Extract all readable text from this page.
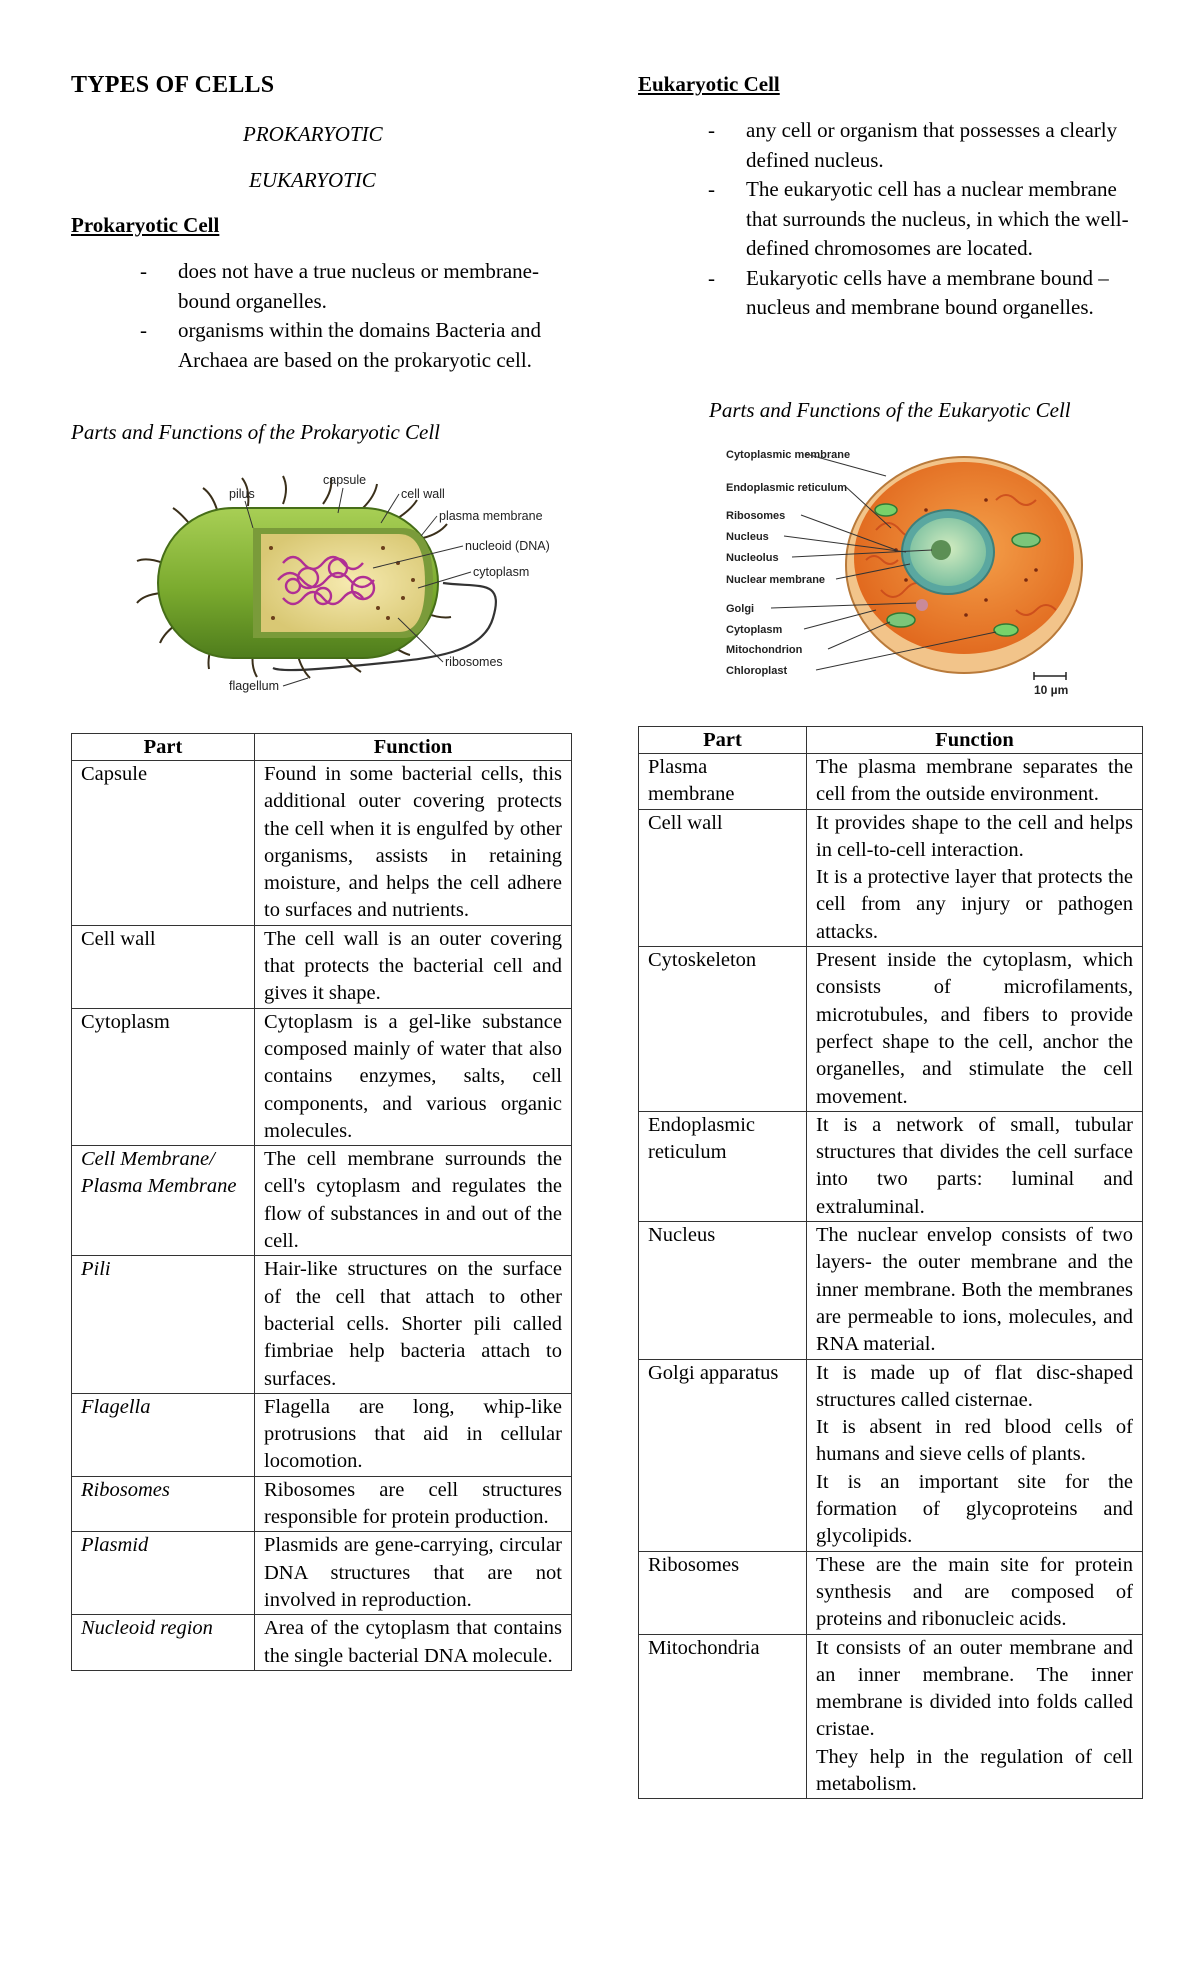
TYPES OF CELLS
PROKARYOTIC
EUKARYOTIC
Prokaryotic Cell
- does not have a true nucleus or membrane-bound organelles.
- organisms within the domains Bacteria and Archaea are based on the prokaryotic cell.
Parts and Functions of the Prokaryotic Cell
pilus
capsule
cell wall
plasma membrane
nucleoid (DNA)
cytoplasm
ribosomes
flagellum
Part	Function
Capsule	Found in some bacterial cells, this additional outer covering protects the cell when it is engulfed by other organisms, assists in retaining moisture, and helps the cell adhere to surfaces and nutrients.
Cell wall	The cell wall is an outer covering that protects the bacterial cell and gives it shape.
Cytoplasm	Cytoplasm is a gel-like substance composed mainly of water that also contains enzymes, salts, cell components, and various organic molecules.
Cell Membrane/ Plasma Membrane	The cell membrane surrounds the cell's cytoplasm and regulates the flow of substances in and out of the cell.
Pili	Hair-like structures on the surface of the cell that attach to other bacterial cells. Shorter pili called fimbriae help bacteria attach to surfaces.
Flagella	Flagella are long, whip-like protrusions that aid in cellular locomotion.
Ribosomes	Ribosomes are cell structures responsible for protein production.
Plasmid	Plasmids are gene-carrying, circular DNA structures that are not involved in reproduction.
Nucleoid region	Area of the cytoplasm that contains the single bacterial DNA molecule.
Eukaryotic Cell
- any cell or organism that possesses a clearly defined nucleus.
- The eukaryotic cell has a nuclear membrane that surrounds the nucleus, in which the well-defined chromosomes are located.
- Eukaryotic cells have a membrane bound – nucleus and membrane bound organelles.
Parts and Functions of the Eukaryotic Cell
Cytoplasmic membrane
Endoplasmic reticulum
Ribosomes
Nucleus
Nucleolus
Nuclear membrane
Golgi
Cytoplasm
Mitochondrion
Chloroplast
10 µm
Part	Function
Plasma membrane	The plasma membrane separates the cell from the outside environment.

Cell wall	It provides shape to the cell and helps in cell-to-cell interaction.
It is a protective layer that protects the cell from any injury or pathogen attacks.

Cytoskeleton	Present inside the cytoplasm, which consists of microfilaments, microtubules, and fibers to provide perfect shape to the cell, anchor the organelles, and stimulate the cell movement.

Endoplasmic reticulum	It is a network of small, tubular structures that divides the cell surface into two parts: luminal and extraluminal.

Nucleus	The nuclear envelop consists of two layers- the outer membrane and the inner membrane. Both the membranes are permeable to ions, molecules, and RNA material.

Golgi apparatus	It is made up of flat disc-shaped structures called cisternae.
It is absent in red blood cells of humans and sieve cells of plants.
It is an important site for the formation of glycoproteins and glycolipids.

Ribosomes	These are the main site for protein synthesis and are composed of proteins and ribonucleic acids.

Mitochondria	It consists of an outer membrane and an inner membrane. The inner membrane is divided into folds called cristae.
They help in the regulation of cell metabolism.
